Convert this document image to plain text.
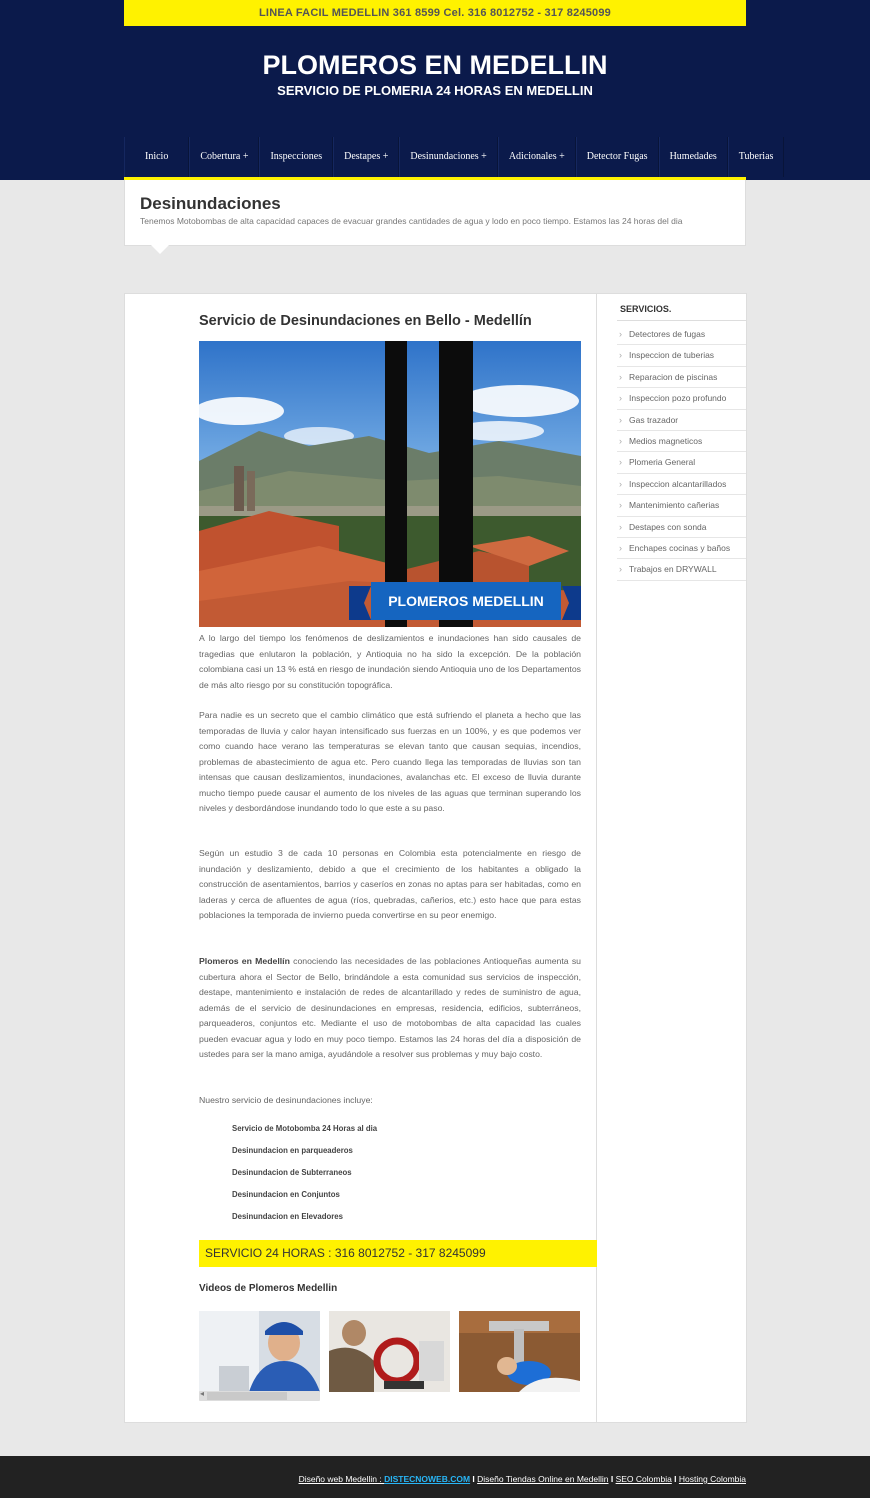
LINEA FACIL MEDELLIN 361 8599 Cel. 316 8012752 - 317 8245099
PLOMEROS EN MEDELLIN
SERVICIO DE PLOMERIA 24 HORAS EN MEDELLIN
Inicio	Cobertura +	Inspecciones	Destapes +	Desinundaciones +	Adicionales +	Detector Fugas	Humedades	Tuberias
Desinundaciones

Tenemos Motobombas de alta capacidad capaces de evacuar grandes cantidades de agua y lodo en poco tiempo. Estamos las 24 horas del dia

Servicio de Desinundaciones en Bello - Medellín
PLOMEROS MEDELLIN

A lo largo del tiempo los fenómenos de deslizamientos e inundaciones han sido causales de tragedias que enlutaron la población, y Antioquia no ha sido la excepción. De la población colombiana casi un 13 % está en riesgo de inundación siendo Antioquia uno de los Departamentos de más alto riesgo por su constitución topográfica.

Para nadie es un secreto que el cambio climático que está sufriendo el planeta a hecho que las temporadas de lluvia y calor hayan intensificado sus fuerzas en un 100%, y es que podemos ver como cuando hace verano las temperaturas se elevan tanto que causan sequias, incendios, problemas de abastecimiento de agua etc. Pero cuando llega las temporadas de lluvias son tan intensas que causan deslizamientos, inundaciones, avalanchas etc. El exceso de lluvia durante mucho tiempo puede causar el aumento de los niveles de las aguas que terminan superando los niveles y desbordándose inundando todo lo que este a su paso.

Según un estudio 3 de cada 10 personas en Colombia esta potencialmente en riesgo de inundación y deslizamiento, debido a que el crecimiento de los habitantes a obligado la construcción de asentamientos, barrios y caseríos en zonas no aptas para ser habitadas, como en laderas y cerca de afluentes de agua (ríos, quebradas, cañerios, etc.) esto hace que para estas poblaciones la temporada de invierno pueda convertirse en su peor enemigo.

Plomeros en Medellín conociendo las necesidades de las poblaciones Antioqueñas aumenta su cubertura ahora el Sector de Bello, brindándole a esta comunidad sus servicios de inspección, destape, mantenimiento e instalación de redes de alcantarillado y redes de suministro de agua, además de el servicio de desinundaciones en empresas, residencia, edificios, subterráneos, parqueaderos, conjuntos etc. Mediante el uso de motobombas de alta capacidad las cuales pueden evacuar agua y lodo en muy poco tiempo. Estamos las 24 horas del día a disposición de ustedes para ser la mano amiga, ayudándole a resolver sus problemas y muy bajo costo.

Nuestro servicio de desinundaciones incluye:

Servicio de Motobomba 24 Horas al dia
Desinundacion en parqueaderos
Desinundacion de Subterraneos
Desinundacion en Conjuntos
Desinundacion en Elevadores
SERVICIO 24 HORAS : 316 8012752 - 317 8245099
Videos de Plomeros Medellin
◂
SERVICIOS.
› Detectores de fugas
› Inspeccion de tuberias
› Reparacion de piscinas
› Inspeccion pozo profundo
› Gas trazador
› Medios magneticos
› Plomeria General
› Inspeccion alcantarillados
› Mantenimiento cañerias
› Destapes con sonda
› Enchapes cocinas y baños
› Trabajos en DRYWALL
Diseño web Medellin : DISTECNOWEB.COM I Diseño Tiendas Online en Medellin I SEO Colombia I Hosting Colombia
